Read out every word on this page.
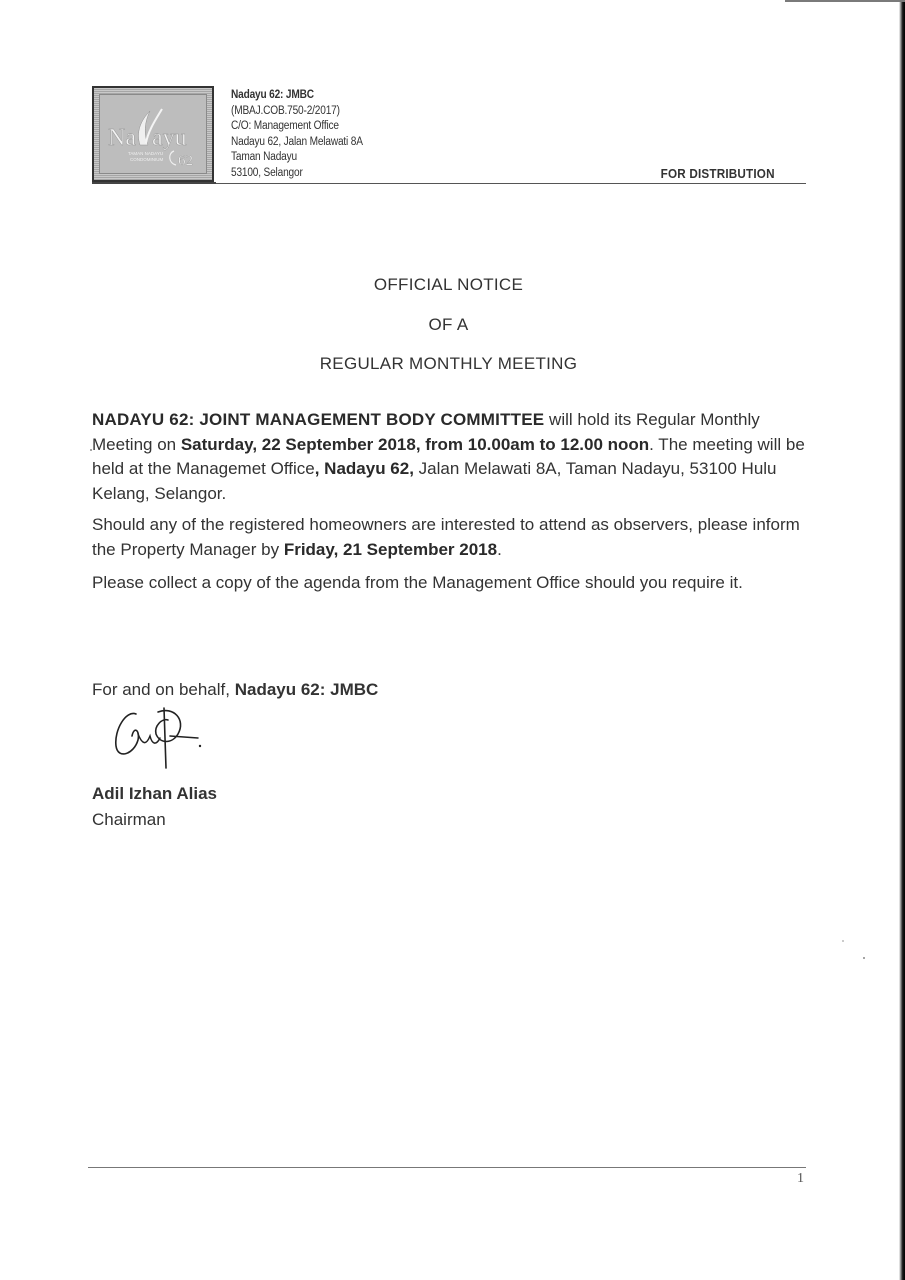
Na ayu
TAMAN NADAYU
CONDOMINIUM 62
Nadayu 62: JMBC
(MBAJ.COB.750-2/2017)
C/O: Management Office
Nadayu 62, Jalan Melawati 8A
Taman Nadayu
53100, Selangor	FOR DISTRIBUTION
OFFICIAL NOTICE
OF A
REGULAR MONTHLY MEETING
NADAYU 62: JOINT MANAGEMENT BODY COMMITTEE will hold its Regular Monthly Meeting on Saturday, 22 September 2018, from 10.00am to 12.00 noon. The meeting will be held at the Managemet Office, Nadayu 62, Jalan Melawati 8A, Taman Nadayu, 53100 Hulu Kelang, Selangor.
Should any of the registered homeowners are interested to attend as observers, please inform the Property Manager by Friday, 21 September 2018.
Please collect a copy of the agenda from the Management Office should you require it.
For and on behalf, Nadayu 62: JMBC
Adil Izhan Alias
Chairman
1
